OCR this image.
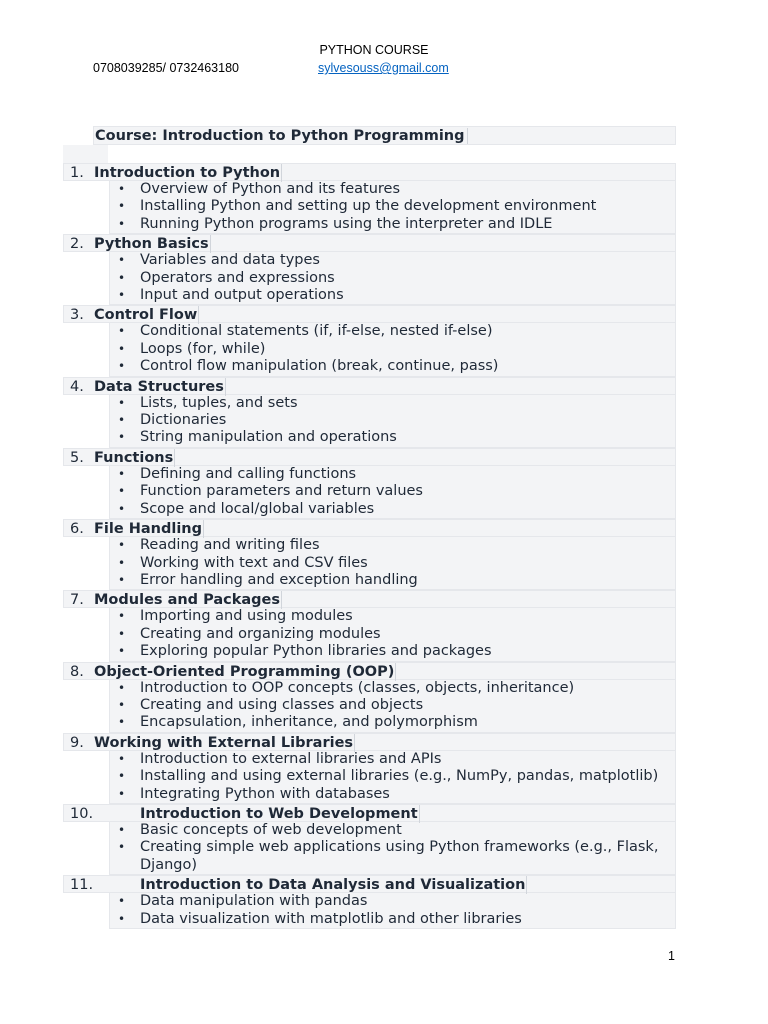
PYTHON COURSE
0708039285/ 0732463180	sylvesouss@gmail.com
Course: Introduction to Python Programming
1. Introduction to Python
• Overview of Python and its features
• Installing Python and setting up the development environment
• Running Python programs using the interpreter and IDLE
2. Python Basics
• Variables and data types
• Operators and expressions
• Input and output operations
3. Control Flow
• Conditional statements (if, if-else, nested if-else)
• Loops (for, while)
• Control flow manipulation (break, continue, pass)
4. Data Structures
• Lists, tuples, and sets
• Dictionaries
• String manipulation and operations
5. Functions
• Defining and calling functions
• Function parameters and return values
• Scope and local/global variables
6. File Handling
• Reading and writing files
• Working with text and CSV files
• Error handling and exception handling
7. Modules and Packages
• Importing and using modules
• Creating and organizing modules
• Exploring popular Python libraries and packages
8. Object-Oriented Programming (OOP)
• Introduction to OOP concepts (classes, objects, inheritance)
• Creating and using classes and objects
• Encapsulation, inheritance, and polymorphism
9. Working with External Libraries
• Introduction to external libraries and APIs
• Installing and using external libraries (e.g., NumPy, pandas, matplotlib)
• Integrating Python with databases
10.	Introduction to Web Development
• Basic concepts of web development
• Creating simple web applications using Python frameworks (e.g., Flask, Django)
11.	Introduction to Data Analysis and Visualization
• Data manipulation with pandas
• Data visualization with matplotlib and other libraries
1
